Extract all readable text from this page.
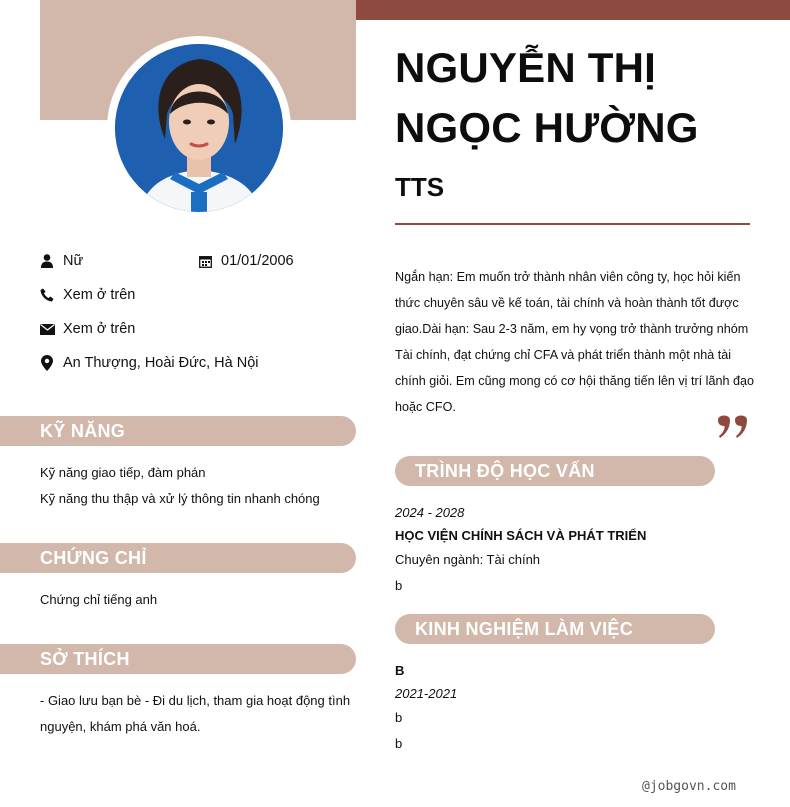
Nữ	01/01/2006
Xem ở trên
Xem ở trên
An Thượng, Hoài Đức, Hà Nội
KỸ NĂNG
Kỹ năng giao tiếp, đàm phán
Kỹ năng thu thập và xử lý thông tin nhanh chóng
CHỨNG CHỈ
Chứng chỉ tiếng anh
SỞ THÍCH
- Giao lưu bạn bè - Đi du lịch, tham gia hoạt động tình
nguyện, khám phá văn hoá.
NGUYỄN THỊ
NGỌC HƯỜNG
TTS
Ngắn hạn: Em muốn trở thành nhân viên công ty, học hỏi kiến thức chuyên sâu về kế toán, tài chính và hoàn thành tốt được giao.Dài hạn: Sau 2-3 năm, em hy vọng trở thành trưởng nhóm Tài chính, đạt chứng chỉ CFA và phát triển thành một nhà tài chính giỏi. Em cũng mong có cơ hội thăng tiến lên vị trí lãnh đạo hoặc CFO.
TRÌNH ĐỘ HỌC VẤN
2024 - 2028
HỌC VIỆN CHÍNH SÁCH VÀ PHÁT TRIỂN
Chuyên ngành: Tài chính
b
KINH NGHIỆM LÀM VIỆC
B
2021-2021
b
b
@jobgovn.com
